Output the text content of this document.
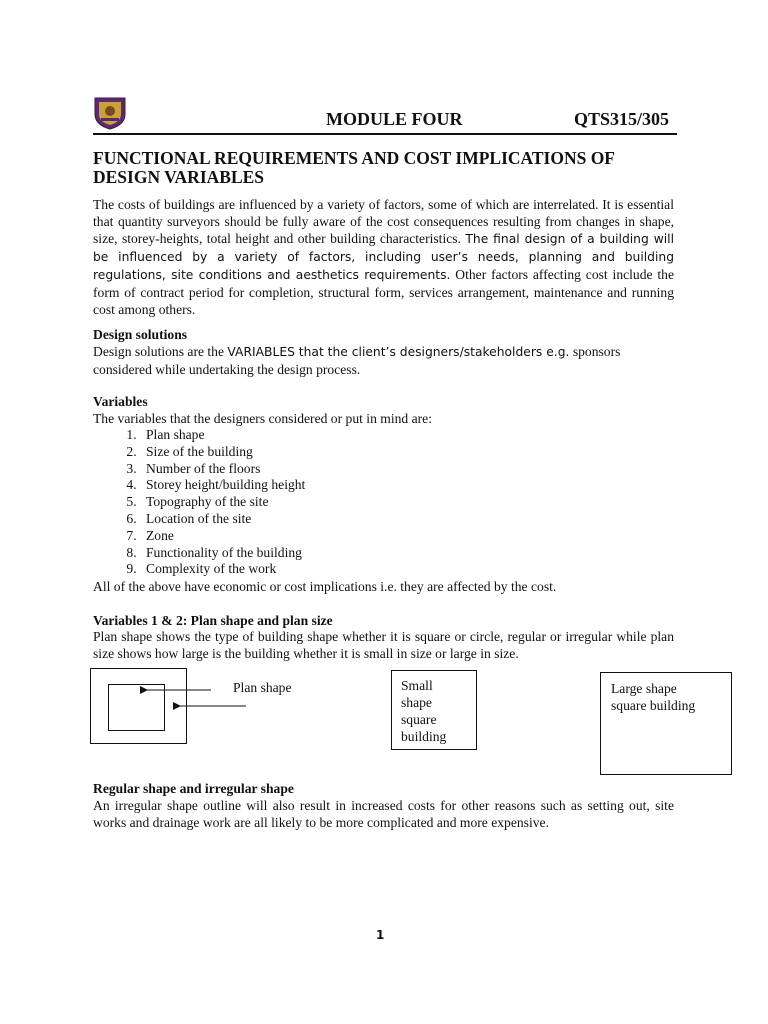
MODULE FOUR	QTS315/305
FUNCTIONAL REQUIREMENTS AND COST IMPLICATIONS OF DESIGN VARIABLES
The costs of buildings are influenced by a variety of factors, some of which are interrelated. It is essential that quantity surveyors should be fully aware of the cost consequences resulting from changes in shape, size, storey-heights, total height and other building characteristics. The final design of a building will be influenced by a variety of factors, including user’s needs, planning and building regulations, site conditions and aesthetics requirements. Other factors affecting cost include the form of contract period for completion, structural form, services arrangement, maintenance and running cost among others.
Design solutions
Design solutions are the VARIABLES that the client’s designers/stakeholders e.g. sponsors considered while undertaking the design process.
Variables
The variables that the designers considered or put in mind are:
1. Plan shape
2. Size of the building
3. Number of the floors
4. Storey height/building height
5. Topography of the site
6. Location of the site
7. Zone
8. Functionality of the building
9. Complexity of the work
All of the above have economic or cost implications i.e. they are affected by the cost.
Variables 1 & 2: Plan shape and plan size
Plan shape shows the type of building shape whether it is square or circle, regular or irregular while plan size shows how large is the building whether it is small in size or large in size.
Plan shape	Small
shape
square
building
Large shape
square building
Regular shape and irregular shape
An irregular shape outline will also result in increased costs for other reasons such as setting out, site works and drainage work are all likely to be more complicated and more expensive.
1
